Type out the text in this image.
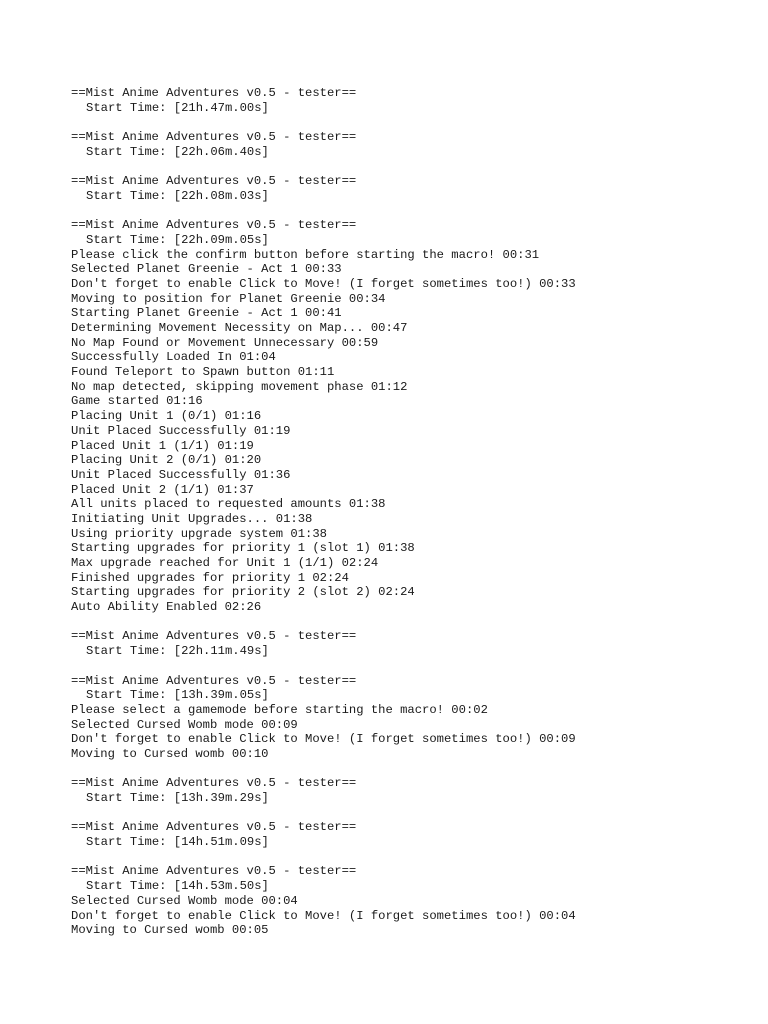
==Mist Anime Adventures v0.5 - tester==
Start Time: [21h.47m.00s]
==Mist Anime Adventures v0.5 - tester==
Start Time: [22h.06m.40s]
==Mist Anime Adventures v0.5 - tester==
Start Time: [22h.08m.03s]
==Mist Anime Adventures v0.5 - tester==
Start Time: [22h.09m.05s]
Please click the confirm button before starting the macro! 00:31
Selected Planet Greenie - Act 1 00:33
Don't forget to enable Click to Move! (I forget sometimes too!) 00:33
Moving to position for Planet Greenie 00:34
Starting Planet Greenie - Act 1 00:41
Determining Movement Necessity on Map... 00:47
No Map Found or Movement Unnecessary 00:59
Successfully Loaded In 01:04
Found Teleport to Spawn button 01:11
No map detected, skipping movement phase 01:12
Game started 01:16
Placing Unit 1 (0/1) 01:16
Unit Placed Successfully 01:19
Placed Unit 1 (1/1) 01:19
Placing Unit 2 (0/1) 01:20
Unit Placed Successfully 01:36
Placed Unit 2 (1/1) 01:37
All units placed to requested amounts 01:38
Initiating Unit Upgrades... 01:38
Using priority upgrade system 01:38
Starting upgrades for priority 1 (slot 1) 01:38
Max upgrade reached for Unit 1 (1/1) 02:24
Finished upgrades for priority 1 02:24
Starting upgrades for priority 2 (slot 2) 02:24
Auto Ability Enabled 02:26
==Mist Anime Adventures v0.5 - tester==
Start Time: [22h.11m.49s]
==Mist Anime Adventures v0.5 - tester==
Start Time: [13h.39m.05s]
Please select a gamemode before starting the macro! 00:02
Selected Cursed Womb mode 00:09
Don't forget to enable Click to Move! (I forget sometimes too!) 00:09
Moving to Cursed womb 00:10
==Mist Anime Adventures v0.5 - tester==
Start Time: [13h.39m.29s]
==Mist Anime Adventures v0.5 - tester==
Start Time: [14h.51m.09s]
==Mist Anime Adventures v0.5 - tester==
Start Time: [14h.53m.50s]
Selected Cursed Womb mode 00:04
Don't forget to enable Click to Move! (I forget sometimes too!) 00:04
Moving to Cursed womb 00:05
